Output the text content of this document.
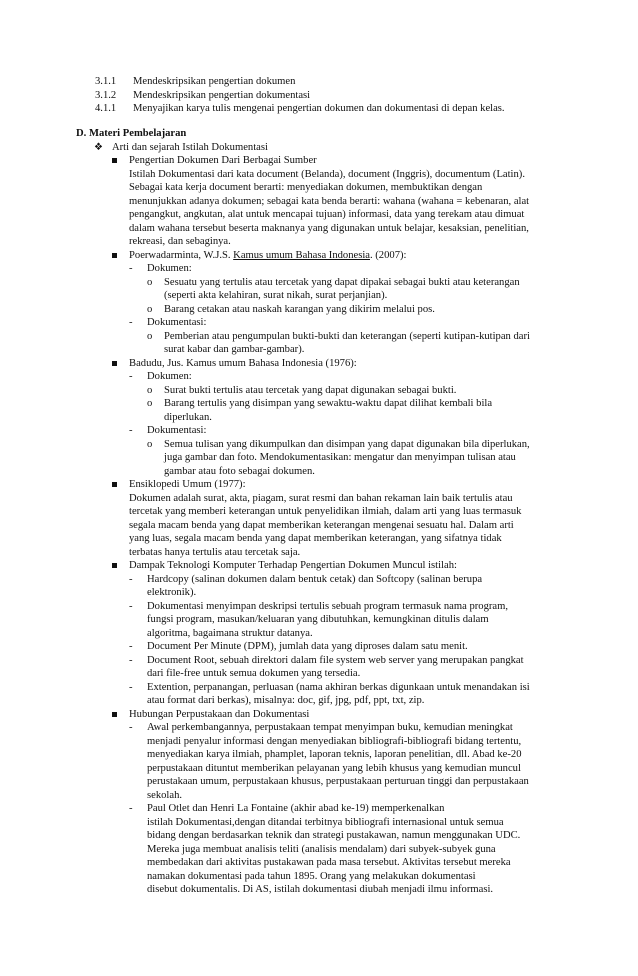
3.1.1	Mendeskripsikan pengertian dokumen
3.1.2	Mendeskripsikan pengertian dokumentasi
4.1.1	Menyajikan karya tulis mengenai pengertian dokumen dan dokumentasi di depan kelas.
D. Materi Pembelajaran
❖ Arti dan sejarah Istilah Dokumentasi
Pengertian Dokumen Dari Berbagai Sumber
Istilah Dokumentasi dari kata document (Belanda), document (Inggris), documentum (Latin).
Sebagai kata kerja document berarti: menyediakan dokumen, membuktikan dengan
menunjukkan adanya dokumen; sebagai kata benda berarti: wahana (wahana = kebenaran, alat
pengangkut, angkutan, alat untuk mencapai tujuan) informasi, data yang terekam atau dimuat
dalam wahana tersebut beserta maknanya yang digunakan untuk belajar, kesaksian, penelitian,
rekreasi, dan sebaginya.
Poerwadarminta, W.J.S. Kamus umum Bahasa Indonesia. (2007):
-	Dokumen:
o	Sesuatu yang tertulis atau tercetak yang dapat dipakai sebagai bukti atau keterangan
(seperti akta kelahiran, surat nikah, surat perjanjian).
o	Barang cetakan atau naskah karangan yang dikirim melalui pos.
-	Dokumentasi:
o	Pemberian atau pengumpulan bukti-bukti dan keterangan (seperti kutipan-kutipan dari
surat kabar dan gambar-gambar).
Badudu, Jus. Kamus umum Bahasa Indonesia (1976):
-	Dokumen:
o	Surat bukti tertulis atau tercetak yang dapat digunakan sebagai bukti.
o	Barang tertulis yang disimpan yang sewaktu-waktu dapat dilihat kembali bila
diperlukan.
-	Dokumentasi:
o	Semua tulisan yang dikumpulkan dan disimpan yang dapat digunakan bila diperlukan,
juga gambar dan foto. Mendokumentasikan: mengatur dan menyimpan tulisan atau
gambar atau foto sebagai dokumen.
Ensiklopedi Umum (1977):
Dokumen adalah surat, akta, piagam, surat resmi dan bahan rekaman lain baik tertulis atau
tercetak yang memberi keterangan untuk penyelidikan ilmiah, dalam arti yang luas termasuk
segala macam benda yang dapat memberikan keterangan mengenai sesuatu hal. Dalam arti
yang luas, segala macam benda yang dapat memberikan keterangan, yang sifatnya tidak
terbatas hanya tertulis atau tercetak saja.
Dampak Teknologi Komputer Terhadap Pengertian Dokumen Muncul istilah:
-	Hardcopy (salinan dokumen dalam bentuk cetak) dan Softcopy (salinan berupa
elektronik).
-	Dokumentasi menyimpan deskripsi tertulis sebuah program termasuk nama program,
fungsi program, masukan/keluaran yang dibutuhkan, kemungkinan ditulis dalam
algoritma, bagaimana struktur datanya.
-	Document Per Minute (DPM), jumlah data yang diproses dalam satu menit.
-	Document Root, sebuah direktori dalam file system web server yang merupakan pangkat
dari file-free untuk semua dokumen yang tersedia.
-	Extention, perpanangan, perluasan (nama akhiran berkas digunkaan untuk menandakan isi
atau format dari berkas), misalnya: doc, gif, jpg, pdf, ppt, txt, zip.
Hubungan Perpustakaan dan Dokumentasi
-	Awal perkembangannya, perpustakaan tempat menyimpan buku, kemudian meningkat
menjadi penyalur informasi dengan menyediakan bibliografi-bibliografi bidang tertentu,
menyediakan karya ilmiah, phamplet, laporan teknis, laporan penelitian, dll. Abad ke-20
perpustakaan dituntut memberikan pelayanan yang lebih khusus yang kemudian muncul
perustakaan umum, perpustakaan khusus, perpustakaan perturuan tinggi dan perpustakaan
sekolah.
-	Paul Otlet dan Henri La Fontaine (akhir abad ke-19) memperkenalkan
istilah Dokumentasi,dengan ditandai terbitnya bibliografi internasional untuk semua
bidang dengan berdasarkan teknik dan strategi pustakawan, namun menggunakan UDC.
Mereka juga membuat analisis teliti (analisis mendalam) dari subyek-subyek guna
membedakan dari aktivitas pustakawan pada masa tersebut. Aktivitas tersebut mereka
namakan dokumentasi pada tahun 1895. Orang yang melakukan dokumentasi
disebut dokumentalis. Di AS, istilah dokumentasi diubah menjadi ilmu informasi.
